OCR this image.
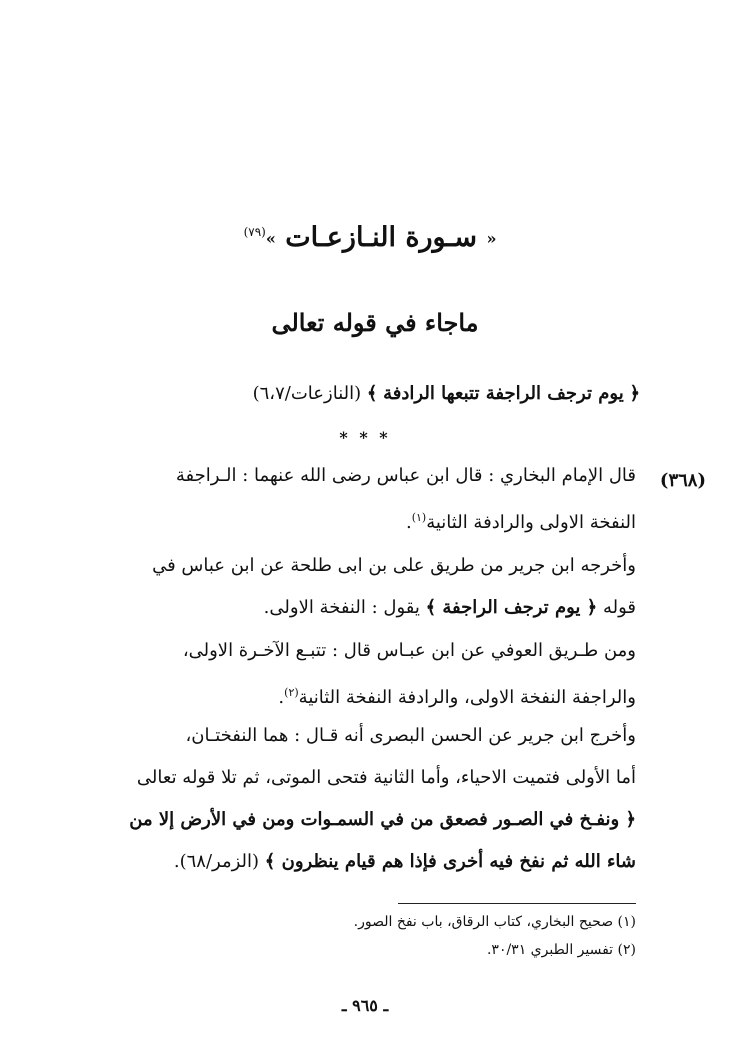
« سـورة النـازعـات »$^{(٧٩)}$
ماجاء في قوله تعالى
﴿ يوم ترجف الراجفة تتبعها الرادفة ﴾ (النازعات/٦،٧)
* * *
(٣٦٨)
قال الإمام البخاري : قال ابن عباس رضى الله عنهما : الـراجفة
النفخة الاولى والرادفة الثانية$^{(١)}$.
وأخرجه ابن جرير من طريق على بن ابى طلحة عن ابن عباس في
قوله ﴿ يوم ترجف الراجفة ﴾ يقول : النفخة الاولى.
ومن طـريق العوفي عن ابن عبـاس قال : تتبـع الآخـرة الاولى،
والراجفة النفخة الاولى، والرادفة النفخة الثانية$^{(٢)}$.
وأخرج ابن جرير عن الحسن البصرى أنه قـال : هما النفختـان،
أما الأولى فتميت الاحياء، وأما الثانية فتحى الموتى، ثم تلا قوله تعالى
﴿ ونفـخ في الصـور فصعق من في السمـوات ومن في الأرض إلا من
شاء الله ثم نفخ فيه أخرى فإذا هم قيام ينظرون ﴾ (الزمر/٦٨).
(١) صحيح البخاري، كتاب الرقاق، باب نفخ الصور.
(٢) تفسير الطبري ٣٠/٣١.
ـ ٩٦٥ ـ
